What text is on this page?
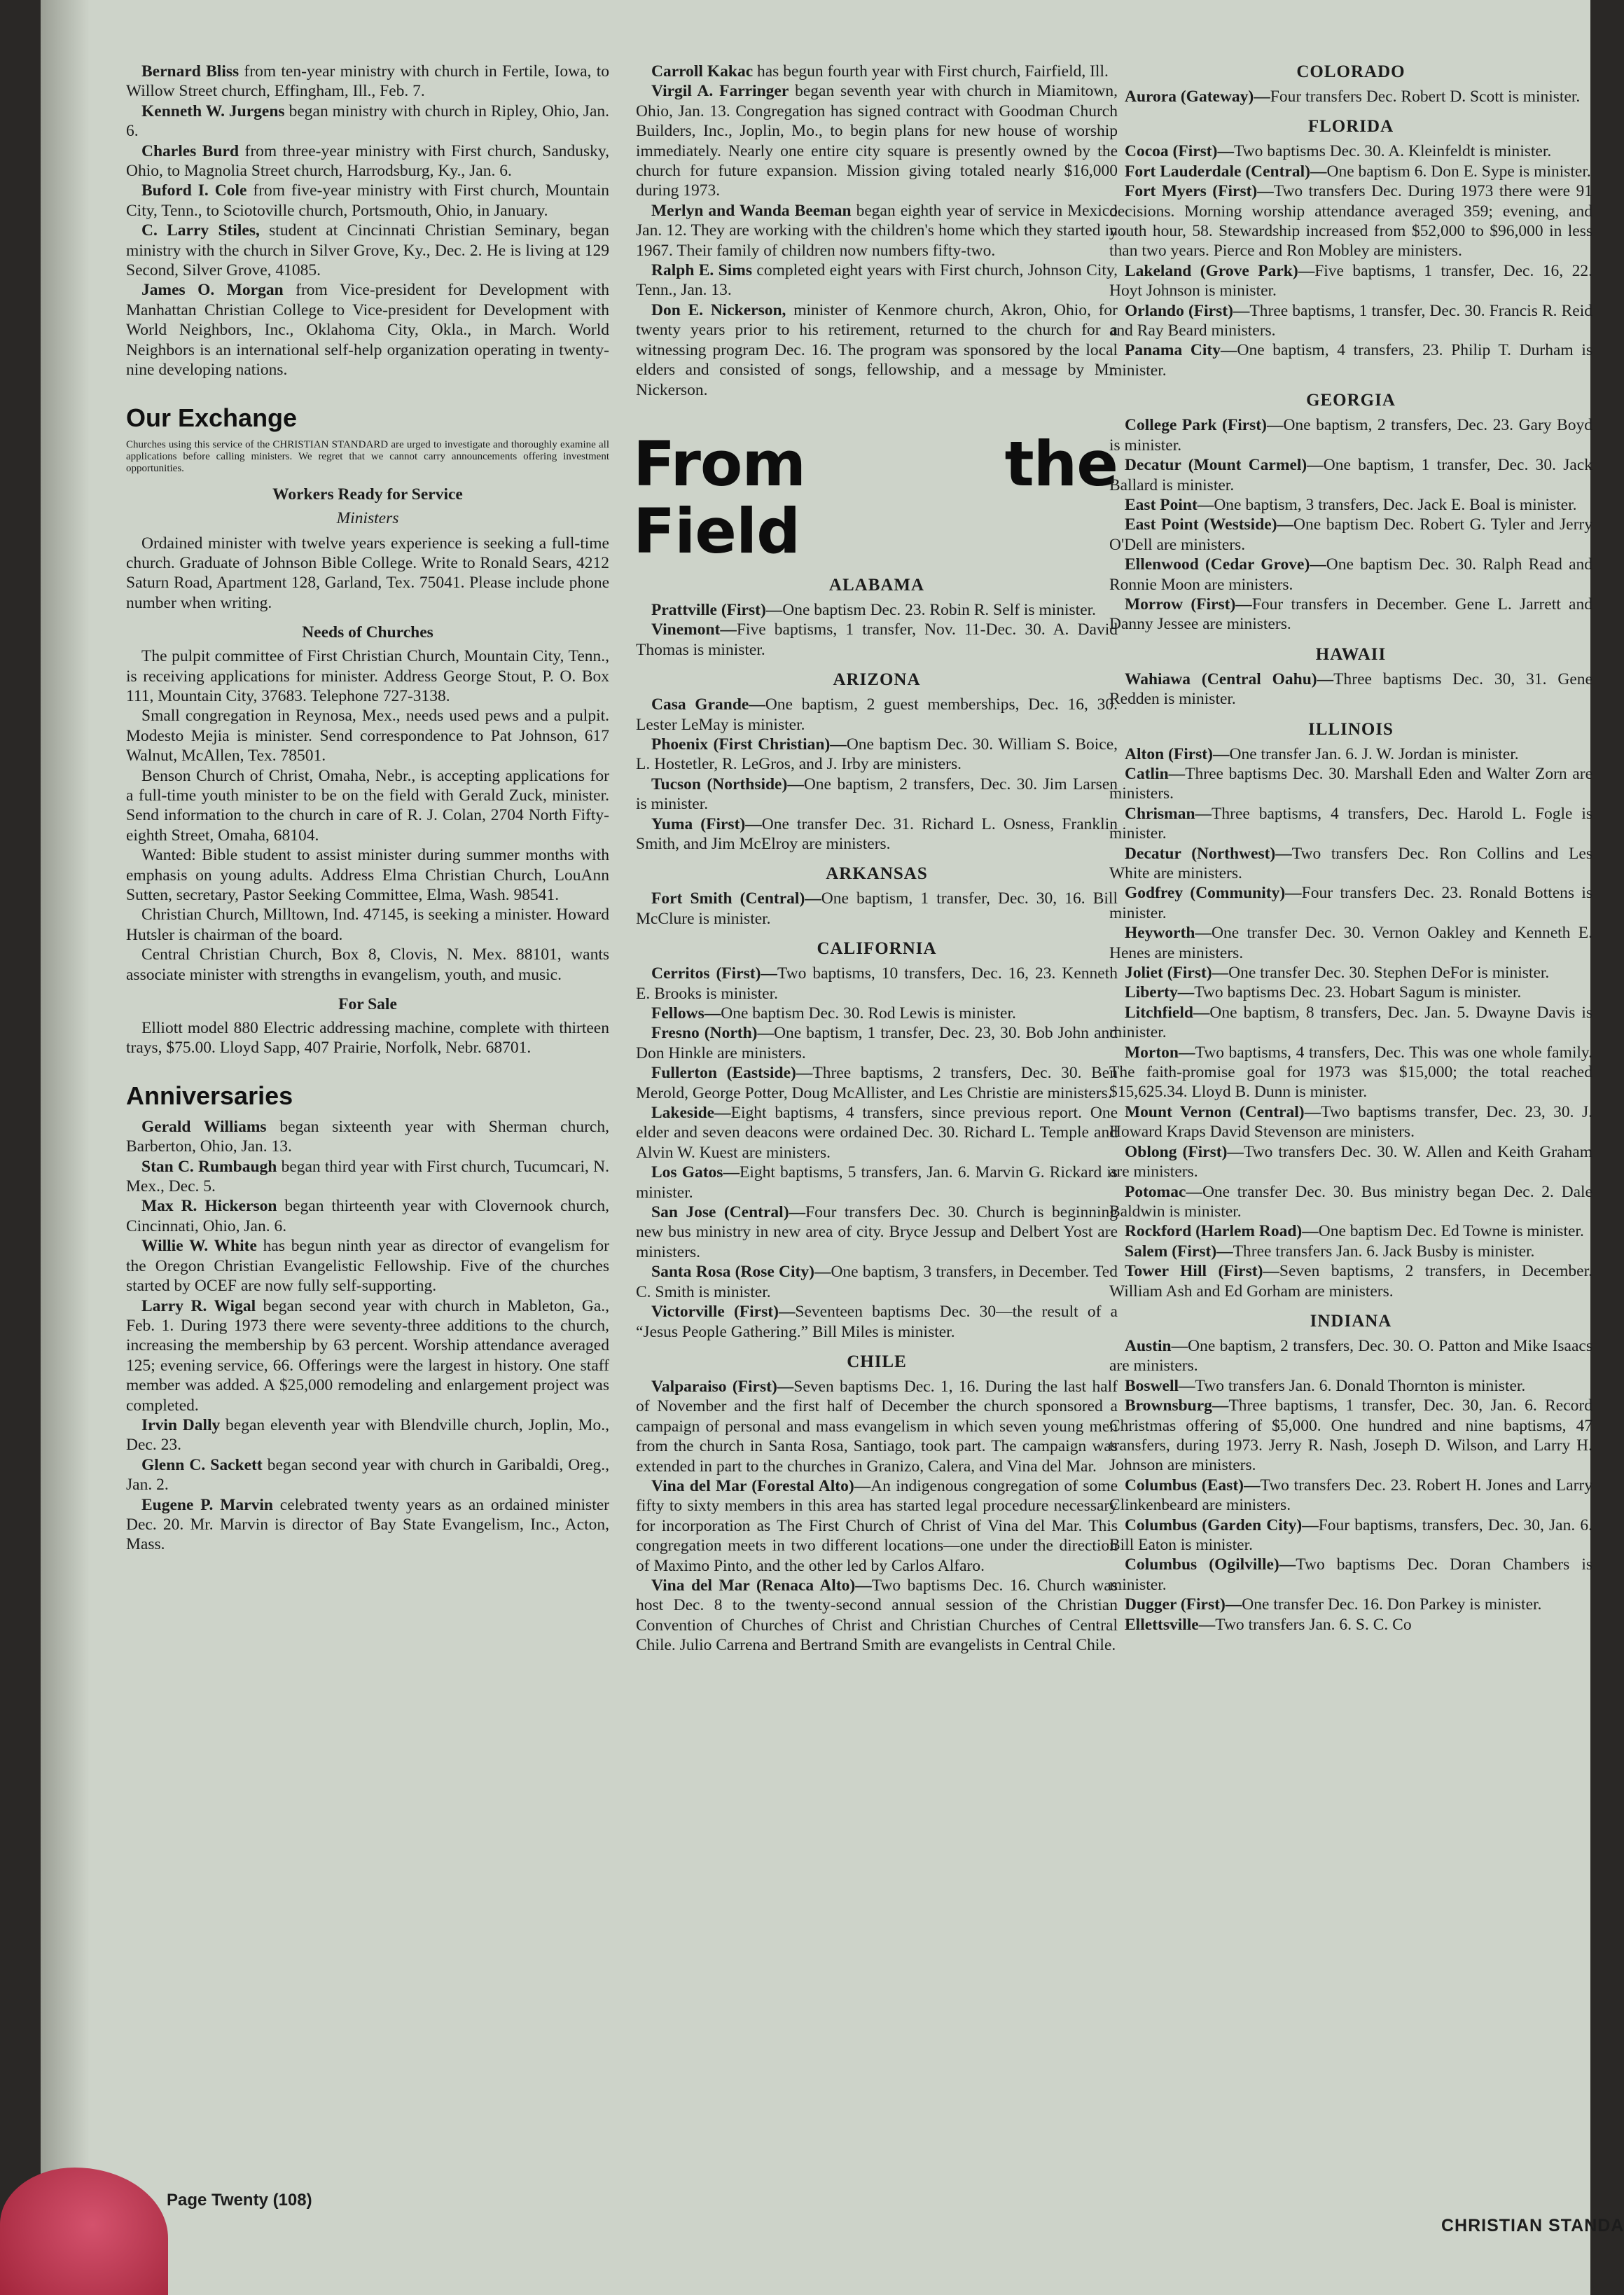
Bernard Bliss from ten-year ministry with church in Fertile, Iowa, to Willow Street church, Effingham, Ill., Feb. 7.

Kenneth W. Jurgens began ministry with church in Ripley, Ohio, Jan. 6.

Charles Burd from three-year ministry with First church, Sandusky, Ohio, to Magnolia Street church, Harrodsburg, Ky., Jan. 6.

Buford I. Cole from five-year ministry with First church, Mountain City, Tenn., to Sciotoville church, Portsmouth, Ohio, in January.

C. Larry Stiles, student at Cincinnati Christian Seminary, began ministry with the church in Silver Grove, Ky., Dec. 2. He is living at 129 Second, Silver Grove, 41085.

James O. Morgan from Vice-president for Development with Manhattan Christian College to Vice-president for Development with World Neighbors, Inc., Oklahoma City, Okla., in March. World Neighbors is an international self-help organization operating in twenty-nine developing nations.

Our Exchange

Churches using this service of the CHRISTIAN STANDARD are urged to investigate and thoroughly examine all applications before calling ministers. We regret that we cannot carry announcements offering investment opportunities.

Workers Ready for Service
Ministers

Ordained minister with twelve years experience is seeking a full-time church. Graduate of Johnson Bible College. Write to Ronald Sears, 4212 Saturn Road, Apartment 128, Garland, Tex. 75041. Please include phone number when writing.

Needs of Churches

The pulpit committee of First Christian Church, Mountain City, Tenn., is receiving applications for minister. Address George Stout, P. O. Box 111, Mountain City, 37683. Telephone 727-3138.

Small congregation in Reynosa, Mex., needs used pews and a pulpit. Modesto Mejia is minister. Send correspondence to Pat Johnson, 617 Walnut, McAllen, Tex. 78501.

Benson Church of Christ, Omaha, Nebr., is accepting applications for a full-time youth minister to be on the field with Gerald Zuck, minister. Send information to the church in care of R. J. Colan, 2704 North Fifty-eighth Street, Omaha, 68104.

Wanted: Bible student to assist minister during summer months with emphasis on young adults. Address Elma Christian Church, LouAnn Sutten, secretary, Pastor Seeking Committee, Elma, Wash. 98541.

Christian Church, Milltown, Ind. 47145, is seeking a minister. Howard Hutsler is chairman of the board.

Central Christian Church, Box 8, Clovis, N. Mex. 88101, wants associate minister with strengths in evangelism, youth, and music.

For Sale

Elliott model 880 Electric addressing machine, complete with thirteen trays, $75.00. Lloyd Sapp, 407 Prairie, Norfolk, Nebr. 68701.

Anniversaries

Gerald Williams began sixteenth year with Sherman church, Barberton, Ohio, Jan. 13.

Stan C. Rumbaugh began third year with First church, Tucumcari, N. Mex., Dec. 5.

Max R. Hickerson began thirteenth year with Clovernook church, Cincinnati, Ohio, Jan. 6.

Willie W. White has begun ninth year as director of evangelism for the Oregon Christian Evangelistic Fellowship. Five of the churches started by OCEF are now fully self-supporting.

Larry R. Wigal began second year with church in Mableton, Ga., Feb. 1. During 1973 there were seventy-three additions to the church, increasing the membership by 63 percent. Worship attendance averaged 125; evening service, 66. Offerings were the largest in history. One staff member was added. A $25,000 remodeling and enlargement project was completed.

Irvin Dally began eleventh year with Blendville church, Joplin, Mo., Dec. 23.

Glenn C. Sackett began second year with church in Garibaldi, Oreg., Jan. 2.

Eugene P. Marvin celebrated twenty years as an ordained minister Dec. 20. Mr. Marvin is director of Bay State Evangelism, Inc., Acton, Mass.

Carroll Kakac has begun fourth year with First church, Fairfield, Ill.

Virgil A. Farringer began seventh year with church in Miamitown, Ohio, Jan. 13. Congregation has signed contract with Goodman Church Builders, Inc., Joplin, Mo., to begin plans for new house of worship immediately. Nearly one entire city square is presently owned by the church for future expansion. Mission giving totaled nearly $16,000 during 1973.

Merlyn and Wanda Beeman began eighth year of service in Mexico Jan. 12. They are working with the children's home which they started in 1967. Their family of children now numbers fifty-two.

Ralph E. Sims completed eight years with First church, Johnson City, Tenn., Jan. 13.

Don E. Nickerson, minister of Kenmore church, Akron, Ohio, for twenty years prior to his retirement, returned to the church for a witnessing program Dec. 16. The program was sponsored by the local elders and consisted of songs, fellowship, and a message by Mr. Nickerson.

From the Field
ALABAMA

Prattville (First)—One baptism Dec. 23. Robin R. Self is minister.

Vinemont—Five baptisms, 1 transfer, Nov. 11-Dec. 30. A. David Thomas is minister.

ARIZONA

Casa Grande—One baptism, 2 guest memberships, Dec. 16, 30. Lester LeMay is minister.

Phoenix (First Christian)—One baptism Dec. 30. William S. Boice, L. Hostetler, R. LeGros, and J. Irby are ministers.

Tucson (Northside)—One baptism, 2 transfers, Dec. 30. Jim Larsen is minister.

Yuma (First)—One transfer Dec. 31. Richard L. Osness, Franklin Smith, and Jim McElroy are ministers.

ARKANSAS

Fort Smith (Central)—One baptism, 1 transfer, Dec. 30, 16. Bill McClure is minister.

CALIFORNIA

Cerritos (First)—Two baptisms, 10 transfers, Dec. 16, 23. Kenneth E. Brooks is minister.

Fellows—One baptism Dec. 30. Rod Lewis is minister.

Fresno (North)—One baptism, 1 transfer, Dec. 23, 30. Bob John and Don Hinkle are ministers.

Fullerton (Eastside)—Three baptisms, 2 transfers, Dec. 30. Ben Merold, George Potter, Doug McAllister, and Les Christie are ministers.

Lakeside—Eight baptisms, 4 transfers, since previous report. One elder and seven deacons were ordained Dec. 30. Richard L. Temple and Alvin W. Kuest are ministers.

Los Gatos—Eight baptisms, 5 transfers, Jan. 6. Marvin G. Rickard is minister.

San Jose (Central)—Four transfers Dec. 30. Church is beginning new bus ministry in new area of city. Bryce Jessup and Delbert Yost are ministers.

Santa Rosa (Rose City)—One baptism, 3 transfers, in December. Ted C. Smith is minister.

Victorville (First)—Seventeen baptisms Dec. 30—the result of a “Jesus People Gathering.” Bill Miles is minister.

CHILE

Valparaiso (First)—Seven baptisms Dec. 1, 16. During the last half of November and the first half of December the church sponsored a campaign of personal and mass evangelism in which seven young men from the church in Santa Rosa, Santiago, took part. The campaign was extended in part to the churches in Granizo, Calera, and Vina del Mar.

Vina del Mar (Forestal Alto)—An indigenous congregation of some fifty to sixty members in this area has started legal procedure necessary for incorporation as The First Church of Christ of Vina del Mar. This congregation meets in two different locations—one under the direction of Maximo Pinto, and the other led by Carlos Alfaro.

Vina del Mar (Renaca Alto)—Two baptisms Dec. 16. Church was host Dec. 8 to the twenty-second annual session of the Christian Convention of Churches of Christ and Christian Churches of Central Chile. Julio Carrena and Bertrand Smith are evangelists in Central Chile.

COLORADO

Aurora (Gateway)—Four transfers Dec. Robert D. Scott is minister.

FLORIDA

Cocoa (First)—Two baptisms Dec. 30. A. Kleinfeldt is minister.

Fort Lauderdale (Central)—One baptism 6. Don E. Sype is minister.

Fort Myers (First)—Two transfers Dec. During 1973 there were 91 decisions. Morning worship attendance averaged 359; evening, and youth hour, 58. Stewardship increased from $52,000 to $96,000 in less than two years. Pierce and Ron Mobley are ministers.

Lakeland (Grove Park)—Five baptisms, 1 transfer, Dec. 16, 22. Hoyt Johnson is minister.

Orlando (First)—Three baptisms, 1 transfer, Dec. 30. Francis R. Reid and Ray Beard ministers.

Panama City—One baptism, 4 transfers, 23. Philip T. Durham is minister.

GEORGIA

College Park (First)—One baptism, 2 transfers, Dec. 23. Gary Boyd is minister.

Decatur (Mount Carmel)—One baptism, 1 transfer, Dec. 30. Jack Ballard is minister.

East Point—One baptism, 3 transfers, Dec. Jack E. Boal is minister.

East Point (Westside)—One baptism Dec. Robert G. Tyler and Jerry O'Dell are ministers.

Ellenwood (Cedar Grove)—One baptism Dec. 30. Ralph Read and Ronnie Moon are ministers.

Morrow (First)—Four transfers in December. Gene L. Jarrett and Danny Jessee are ministers.

HAWAII

Wahiawa (Central Oahu)—Three baptisms Dec. 30, 31. Gene Redden is minister.

ILLINOIS

Alton (First)—One transfer Jan. 6. J. W. Jordan is minister.

Catlin—Three baptisms Dec. 30. Marshall Eden and Walter Zorn are ministers.

Chrisman—Three baptisms, 4 transfers, Dec. Harold L. Fogle is minister.

Decatur (Northwest)—Two transfers Dec. Ron Collins and Les White are ministers.

Godfrey (Community)—Four transfers Dec. 23. Ronald Bottens is minister.

Heyworth—One transfer Dec. 30. Vernon Oakley and Kenneth E. Henes are ministers.

Joliet (First)—One transfer Dec. 30. Stephen DeFor is minister.

Liberty—Two baptisms Dec. 23. Hobart Sagum is minister.

Litchfield—One baptism, 8 transfers, Dec. Jan. 5. Dwayne Davis is minister.

Morton—Two baptisms, 4 transfers, Dec. This was one whole family. The faith-promise goal for 1973 was $15,000; the total reached $15,625.34. Lloyd B. Dunn is minister.

Mount Vernon (Central)—Two baptisms transfer, Dec. 23, 30. J. Howard Kraps David Stevenson are ministers.

Oblong (First)—Two transfers Dec. 30. W. Allen and Keith Graham are ministers.

Potomac—One transfer Dec. 30. Bus ministry began Dec. 2. Dale Baldwin is minister.

Rockford (Harlem Road)—One baptism Dec. Ed Towne is minister.

Salem (First)—Three transfers Jan. 6. Jack Busby is minister.

Tower Hill (First)—Seven baptisms, 2 transfers, in December. William Ash and Ed Gorham are ministers.

INDIANA

Austin—One baptism, 2 transfers, Dec. 30. O. Patton and Mike Isaacs are ministers.

Boswell—Two transfers Jan. 6. Donald Thornton is minister.

Brownsburg—Three baptisms, 1 transfer, Dec. 30, Jan. 6. Record Christmas offering of $5,000. One hundred and nine baptisms, 47 transfers, during 1973. Jerry R. Nash, Joseph D. Wilson, and Larry H. Johnson are ministers.

Columbus (East)—Two transfers Dec. 23. Robert H. Jones and Larry Clinkenbeard are ministers.

Columbus (Garden City)—Four baptisms, transfers, Dec. 30, Jan. 6. Bill Eaton is minister.

Columbus (Ogilville)—Two baptisms Dec. Doran Chambers is minister.

Dugger (First)—One transfer Dec. 16. Don Parkey is minister.

Ellettsville—Two transfers Jan. 6. S. C. Co

Page Twenty (108)
CHRISTIAN STANDA
